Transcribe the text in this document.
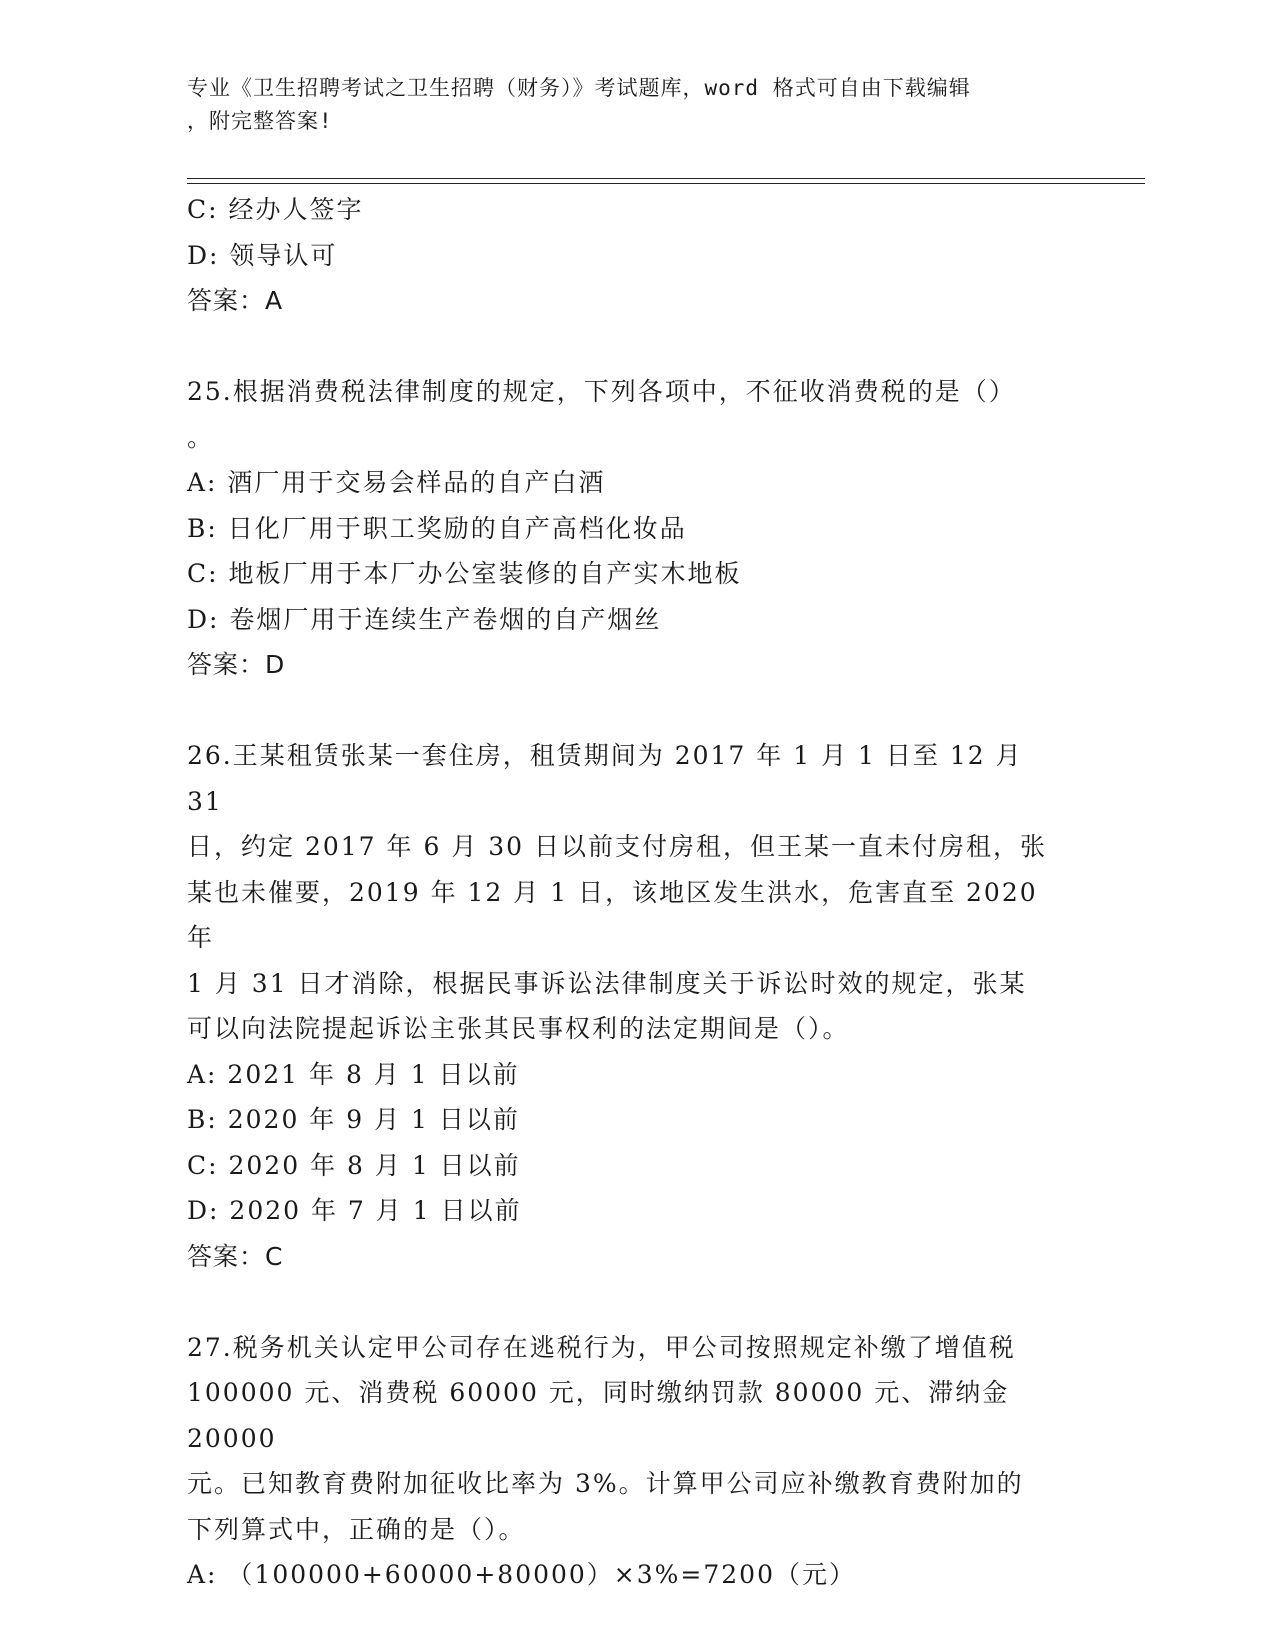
专业《卫生招聘考试之卫生招聘（财务）》考试题库，word 格式可自由下载编辑
，附完整答案!

C: 经办人签字

D: 领导认可

答案：A

25.根据消费税法律制度的规定，下列各项中，不征收消费税的是（）

。

A: 酒厂用于交易会样品的自产白酒

B: 日化厂用于职工奖励的自产高档化妆品

C: 地板厂用于本厂办公室装修的自产实木地板

D: 卷烟厂用于连续生产卷烟的自产烟丝

答案：D

26.王某租赁张某一套住房，租赁期间为 2017 年 1 月 1 日至 12 月 31

日，约定 2017 年 6 月 30 日以前支付房租，但王某一直未付房租，张

某也未催要，2019 年 12 月 1 日，该地区发生洪水，危害直至 2020 年

1 月 31 日才消除，根据民事诉讼法律制度关于诉讼时效的规定，张某

可以向法院提起诉讼主张其民事权利的法定期间是（）。

A: 2021 年 8 月 1 日以前

B: 2020 年 9 月 1 日以前

C: 2020 年 8 月 1 日以前

D: 2020 年 7 月 1 日以前

答案：C

27.税务机关认定甲公司存在逃税行为，甲公司按照规定补缴了增值税

100000 元、消费税 60000 元，同时缴纳罚款 80000 元、滞纳金 20000

元。已知教育费附加征收比率为 3%。计算甲公司应补缴教育费附加的

下列算式中，正确的是（）。

A: （100000+60000+80000）×3%=7200（元）
